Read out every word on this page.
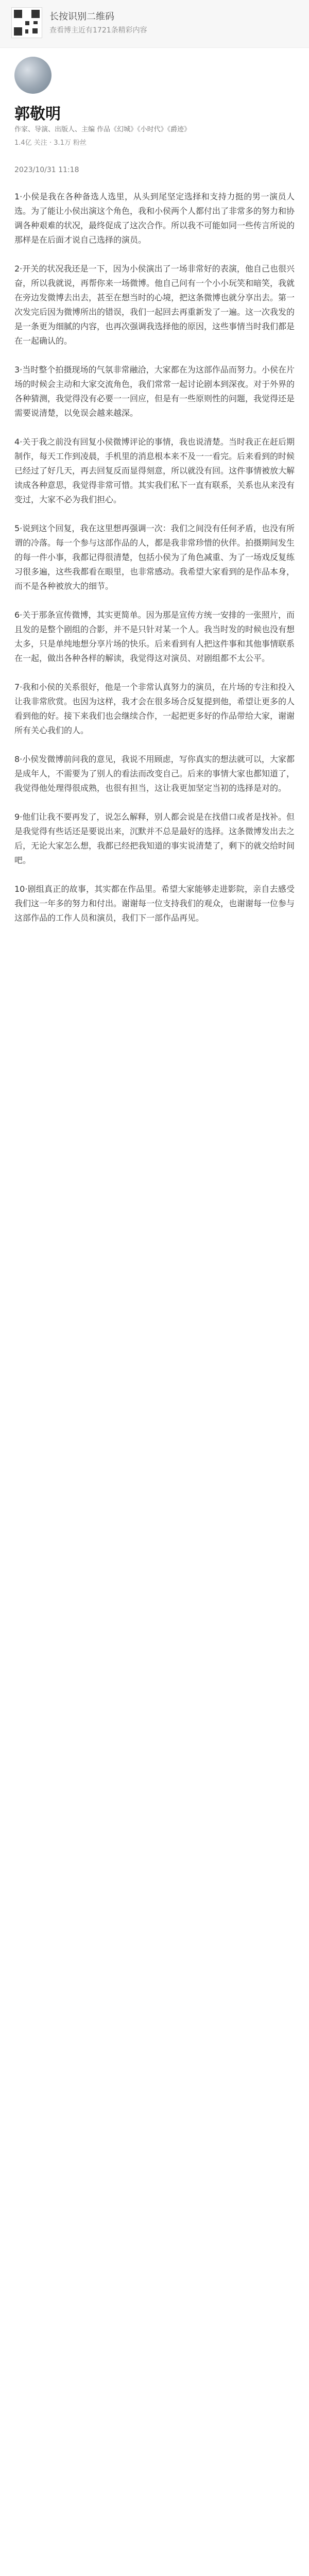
长按识别二维码
查看博主近有1721条精彩内容
郭敬明
作家、导演、出版人、主编 作品《幻城》《小时代》《爵迹》
1.4亿 关注 · 3.1万 粉丝
2023/10/31 11:18

1·小侯是我在各种备选人选里，从头到尾坚定选择和支持力挺的男一演员人选。为了能让小侯出演这个角色，我和小侯两个人都付出了非常多的努力和协调各种艰难的状况，最终促成了这次合作。所以我不可能如同一些传言所说的那样是在后面才说自己选择的演员。

2·开关的状况我还是一下，因为小侯演出了一场非常好的表演，他自己也很兴奋，所以我就说，再帮你来一场微博。他自己问有一个小小玩笑和暗笑，我就在旁边发微博去出去，甚至在想当时的心境，把这条微博也就分享出去。第一次发完后因为微博所出的错误，我们一起回去再重新发了一遍。这一次我发的是一条更为细腻的内容，也再次强调我选择他的原因，这些事情当时我们都是在一起确认的。

3·当时整个拍摄现场的气氛非常融洽，大家都在为这部作品而努力。小侯在片场的时候会主动和大家交流角色，我们常常一起讨论剧本到深夜。对于外界的各种猜测，我觉得没有必要一一回应，但是有一些原则性的问题，我觉得还是需要说清楚，以免误会越来越深。

4·关于我之前没有回复小侯微博评论的事情，我也说清楚。当时我正在赶后期制作，每天工作到凌晨，手机里的消息根本来不及一一看完。后来看到的时候已经过了好几天，再去回复反而显得刻意，所以就没有回。这件事情被放大解读成各种意思，我觉得非常可惜。其实我们私下一直有联系，关系也从来没有变过，大家不必为我们担心。

5·说到这个回复，我在这里想再强调一次：我们之间没有任何矛盾，也没有所谓的冷落。每一个参与这部作品的人，都是我非常珍惜的伙伴。拍摄期间发生的每一件小事，我都记得很清楚，包括小侯为了角色减重、为了一场戏反复练习很多遍，这些我都看在眼里，也非常感动。我希望大家看到的是作品本身，而不是各种被放大的细节。

6·关于那条宣传微博，其实更简单。因为那是宣传方统一安排的一张照片，而且发的是整个剧组的合影，并不是只针对某一个人。我当时发的时候也没有想太多，只是单纯地想分享片场的快乐。后来看到有人把这件事和其他事情联系在一起，做出各种各样的解读，我觉得这对演员、对剧组都不太公平。

7·我和小侯的关系很好，他是一个非常认真努力的演员，在片场的专注和投入让我非常欣赏。也因为这样，我才会在很多场合反复提到他，希望让更多的人看到他的好。接下来我们也会继续合作，一起把更多好的作品带给大家，谢谢所有关心我们的人。

8·小侯发微博前问我的意见，我说不用顾虑，写你真实的想法就可以，大家都是成年人，不需要为了别人的看法而改变自己。后来的事情大家也都知道了，我觉得他处理得很成熟，也很有担当，这让我更加坚定当初的选择是对的。

9·他们让我不要再发了，说怎么解释，别人都会说是在找借口或者是找补。但是我觉得有些话还是要说出来，沉默并不总是最好的选择。这条微博发出去之后，无论大家怎么想，我都已经把我知道的事实说清楚了，剩下的就交给时间吧。

10·剧组真正的故事，其实都在作品里。希望大家能够走进影院，亲自去感受我们这一年多的努力和付出。谢谢每一位支持我们的观众，也谢谢每一位参与这部作品的工作人员和演员，我们下一部作品再见。
